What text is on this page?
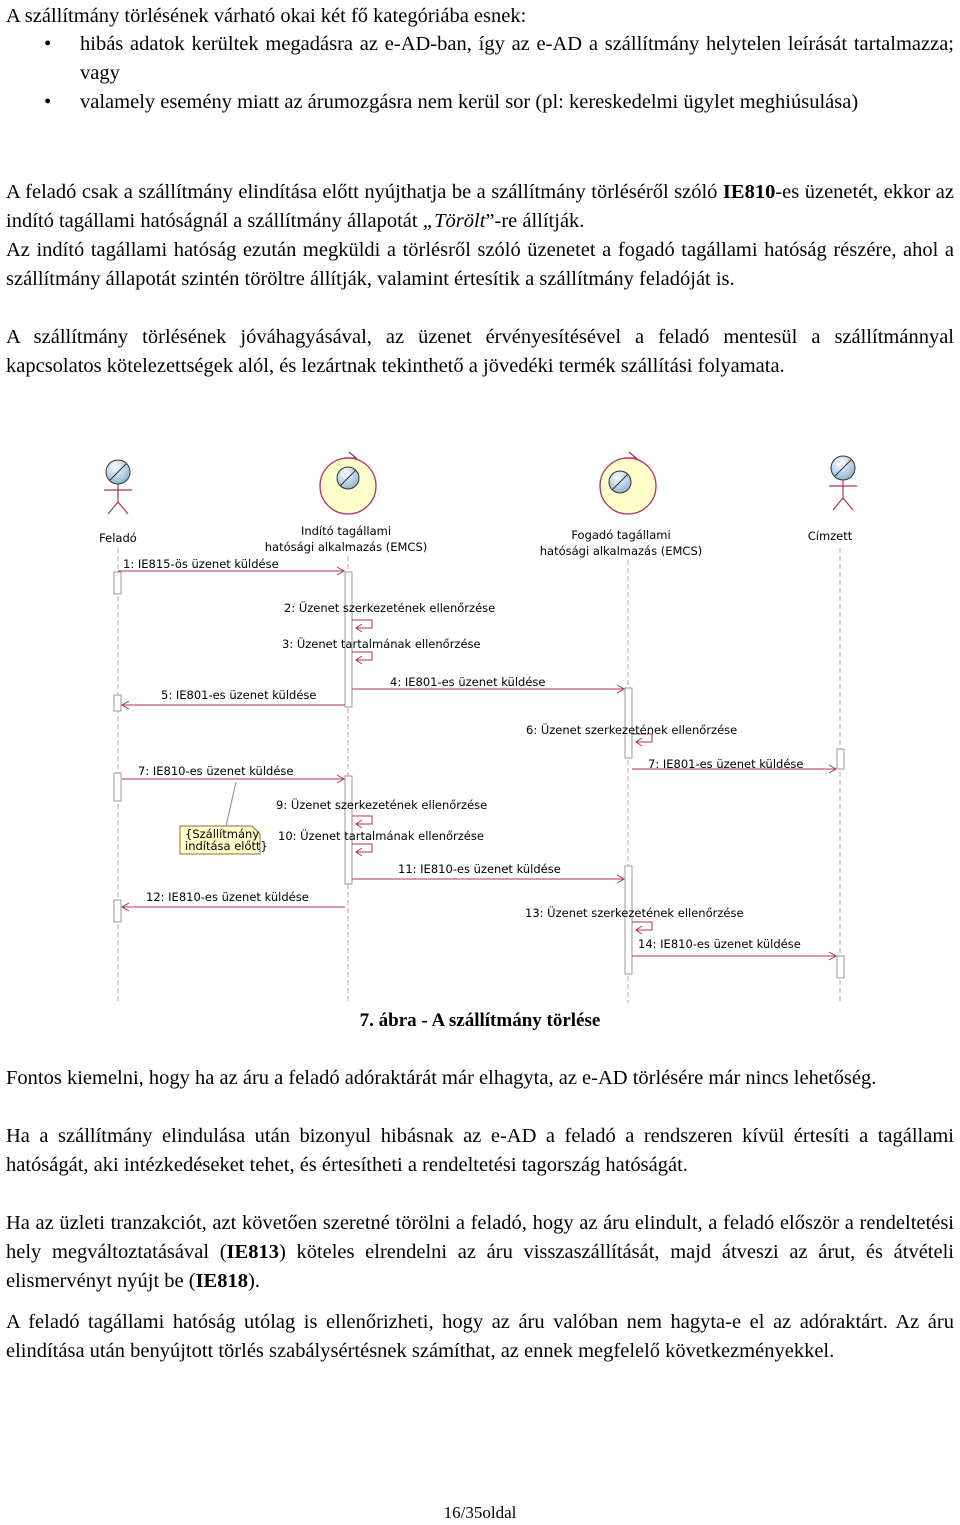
A szállítmány törlésének várható okai két fő kategóriába esnek:

• hibás adatok kerültek megadásra az e-AD-ban, így az e-AD a szállítmány helytelen leírását tartalmazza; vagy
• valamely esemény miatt az árumozgásra nem kerül sor (pl: kereskedelmi ügylet meghiúsulása)

A feladó csak a szállítmány elindítása előtt nyújthatja be a szállítmány törléséről szóló IE810-es üzenetét, ekkor az indító tagállami hatóságnál a szállítmány állapotát „Törölt”-re állítják.

Az indító tagállami hatóság ezután megküldi a törlésről szóló üzenetet a fogadó tagállami hatóság részére, ahol a szállítmány állapotát szintén töröltre állítják, valamint értesítik a szállítmány feladóját is.

A szállítmány törlésének jóváhagyásával, az üzenet érvényesítésével a feladó mentesül a szállítmánnyal kapcsolatos kötelezettségek alól, és lezártnak tekinthető a jövedéki termék szállítási folyamata.

Feladó	Indító tagállami
hatósági alkalmazás (EMCS)
Fogadó tagállami
hatósági alkalmazás (EMCS)
Címzett
{Szállítmány
indítása előtt}
1: IE815-ös üzenet küldése
2: Üzenet szerkezetének ellenőrzése
3: Üzenet tartalmának ellenőrzése
4: IE801-es üzenet küldése
5: IE801-es üzenet küldése
6: Üzenet szerkezetének ellenőrzése
7: IE810-es üzenet küldése	7: IE801-es üzenet küldése
9: Üzenet szerkezetének ellenőrzése
10: Üzenet tartalmának ellenőrzése
11: IE810-es üzenet küldése
12: IE810-es üzenet küldése
13: Üzenet szerkezetének ellenőrzése
14: IE810-es üzenet küldése
7. ábra - A szállítmány törlése

Fontos kiemelni, hogy ha az áru a feladó adóraktárát már elhagyta, az e-AD törlésére már nincs lehetőség.

Ha a szállítmány elindulása után bizonyul hibásnak az e-AD a feladó a rendszeren kívül értesíti a tagállami hatóságát, aki intézkedéseket tehet, és értesítheti a rendeltetési tagország hatóságát.

Ha az üzleti tranzakciót, azt követően szeretné törölni a feladó, hogy az áru elindult, a feladó először a rendeltetési hely megváltoztatásával (IE813) köteles elrendelni az áru visszaszállítását, majd átveszi az árut, és átvételi elismervényt nyújt be (IE818).

A feladó tagállami hatóság utólag is ellenőrizheti, hogy az áru valóban nem hagyta-e el az adóraktárt. Az áru elindítása után benyújtott törlés szabálysértésnek számíthat, az ennek megfelelő következményekkel.

16/35oldal
